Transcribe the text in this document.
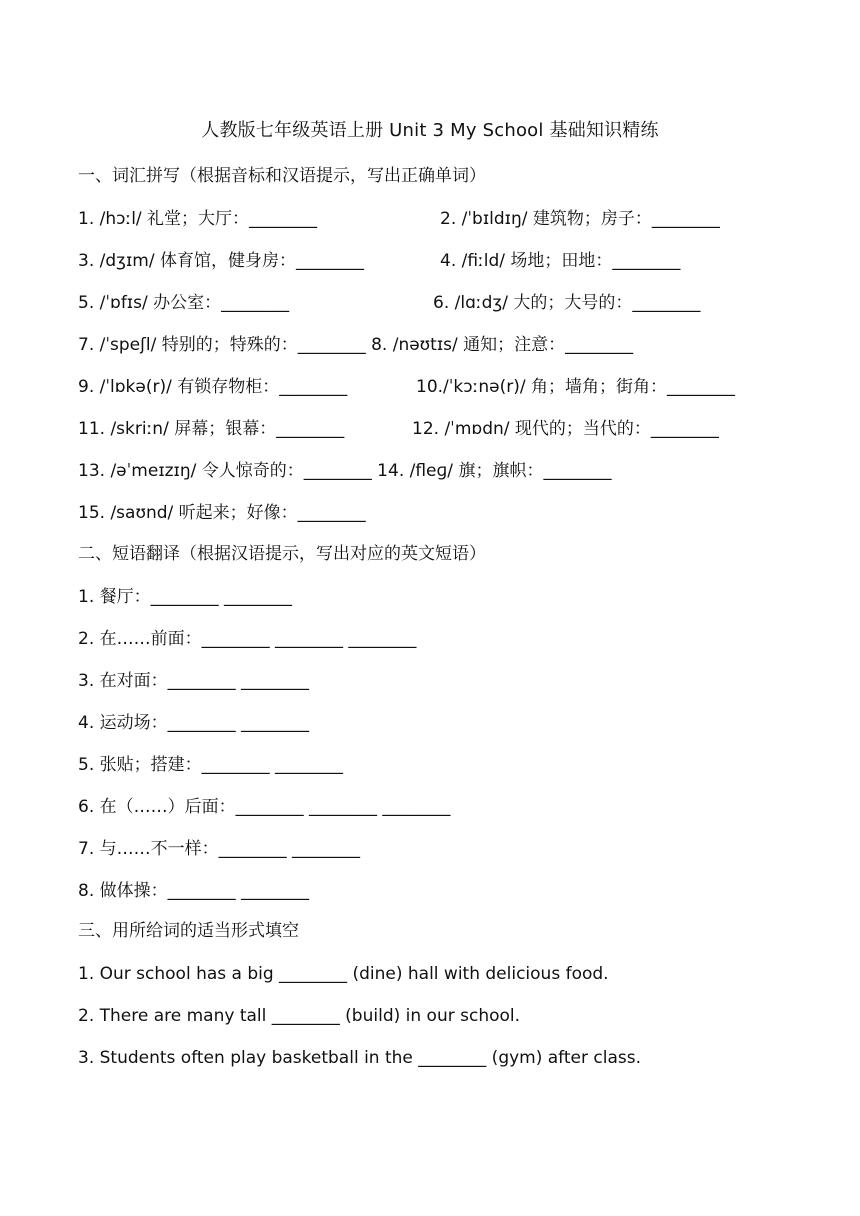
人教版七年级英语上册 Unit 3 My School 基础知识精练
一、词汇拼写（根据音标和汉语提示，写出正确单词）
1. /hɔːl/ 礼堂；大厅：________	2. /ˈbɪldɪŋ/ 建筑物；房子：________
3. /dʒɪm/ 体育馆，健身房：________	4. /fiːld/ 场地；田地：________
5. /ˈɒfɪs/ 办公室：________	6. /lɑːdʒ/ 大的；大号的：________
7. /ˈspeʃl/ 特别的；特殊的：________ 8. /nəʊtɪs/ 通知；注意：________
9. /ˈlɒkə(r)/ 有锁存物柜：________	10./ˈkɔːnə(r)/ 角；墙角；街角：________
11. /skriːn/ 屏幕；银幕：________	12. /ˈmɒdn/ 现代的；当代的：________
13. /əˈmeɪzɪŋ/ 令人惊奇的：________ 14. /fleɡ/ 旗；旗帜：________
15. /saʊnd/ 听起来；好像：________
二、短语翻译（根据汉语提示，写出对应的英文短语）
1. 餐厅：________ ________
2. 在……前面：________ ________ ________
3. 在对面：________ ________
4. 运动场：________ ________
5. 张贴；搭建：________ ________
6. 在（……）后面：________ ________ ________
7. 与……不一样：________ ________
8. 做体操：________ ________
三、用所给词的适当形式填空
1. Our school has a big ________ (dine) hall with delicious food.
2. There are many tall ________ (build) in our school.
3. Students often play basketball in the ________ (gym) after class.
